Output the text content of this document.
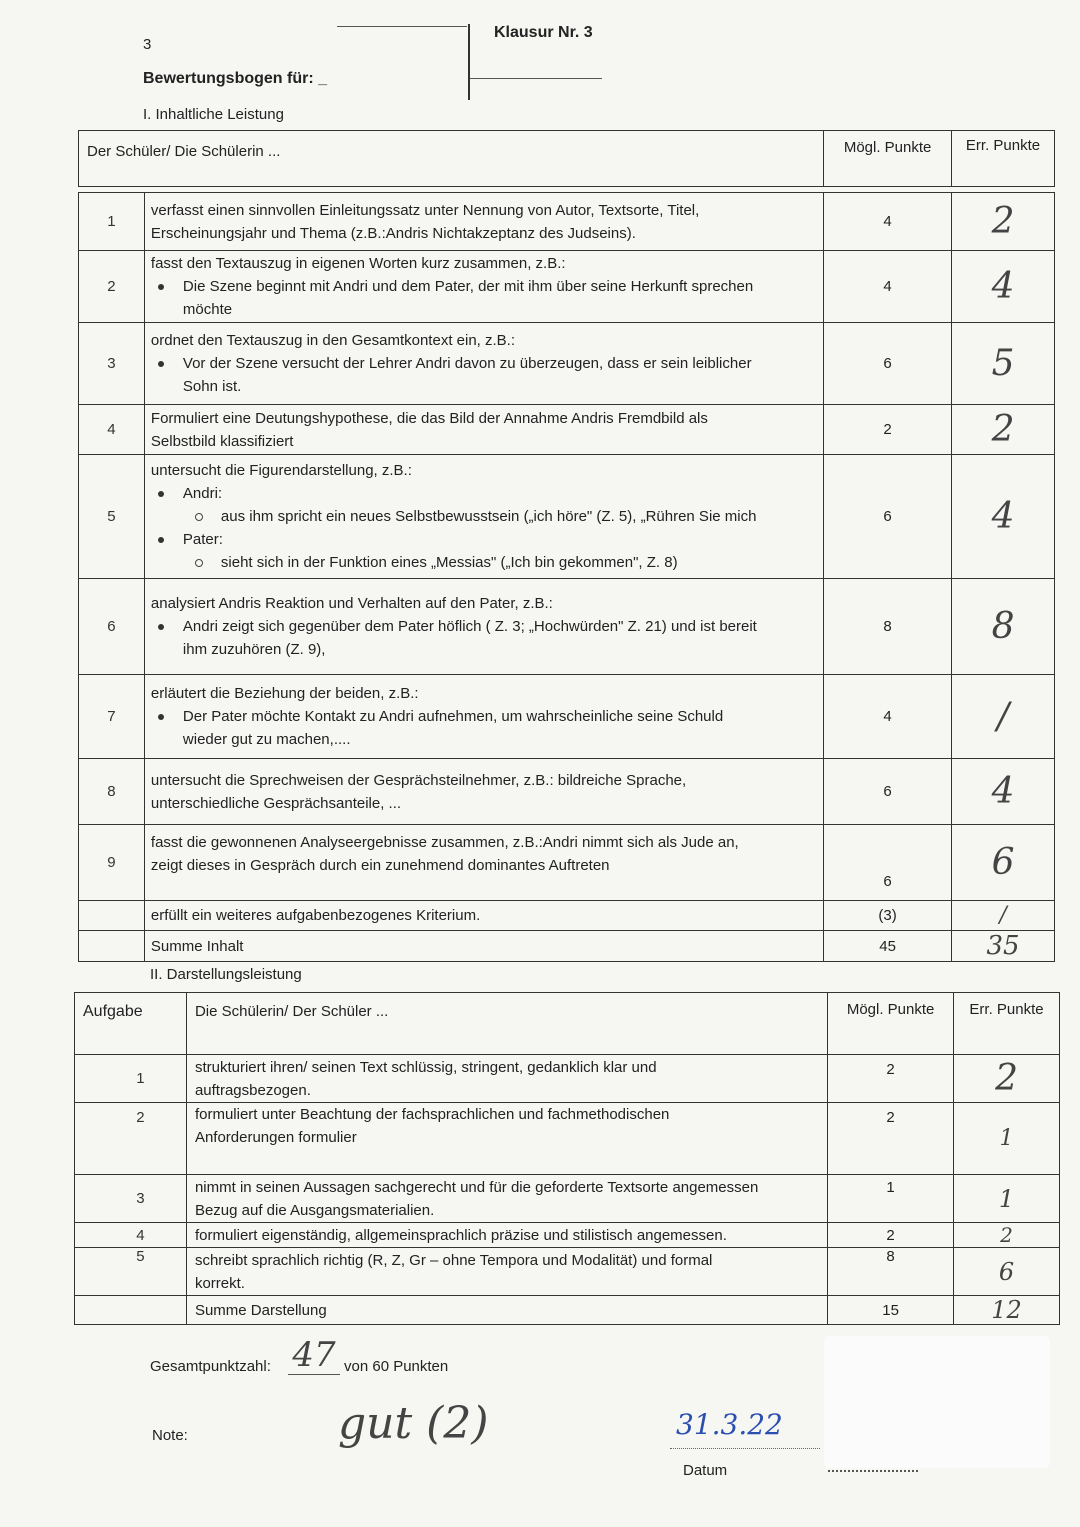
3
Bewertungsbogen für: _
Klausur Nr. 3
I. Inhaltliche Leistung
Der Schüler/ Die Schülerin ...		Mögl. Punkte	Err. Punkte

1	verfasst einen sinnvollen Einleitungssatz unter Nennung von Autor, Textsorte, Titel,
Erscheinungsjahr und Thema (z.B.:Andris Nichtakzeptanz des Judseins).	4	2
2	fasst den Textauszug in eigenen Worten kurz zusammen, z.B.:
Die Szene beginnt mit Andri und dem Pater, der mit ihm über seine Herkunft sprechen
möchte	4	4
3	ordnet den Textauszug in den Gesamtkontext ein, z.B.:
Vor der Szene versucht der Lehrer Andri davon zu überzeugen, dass er sein leiblicher
Sohn ist.	6	5
4	Formuliert eine Deutungshypothese, die das Bild der Annahme Andris Fremdbild als
Selbstbild klassifiziert	2	2
5	untersucht die Figurendarstellung, z.B.:
Andri:
aus ihm spricht ein neues Selbstbewusstsein („ich höre" (Z. 5), „Rühren Sie mich
Pater:
sieht sich in der Funktion eines „Messias" („Ich bin gekommen", Z. 8)	6	4
6	analysiert Andris Reaktion und Verhalten auf den Pater, z.B.:
Andri zeigt sich gegenüber dem Pater höflich ( Z. 3; „Hochwürden" Z. 21) und ist bereit
ihm zuzuhören (Z. 9),	8	8
7	erläutert die Beziehung der beiden, z.B.:
Der Pater möchte Kontakt zu Andri aufnehmen, um wahrscheinliche seine Schuld
wieder gut zu machen,....	4	/
8	untersucht die Sprechweisen der Gesprächsteilnehmer, z.B.: bildreiche Sprache,
unterschiedliche Gesprächsanteile, ...	6	4
9	fasst die gewonnenen Analyseergebnisse zusammen, z.B.:Andri nimmt sich als Jude an,
zeigt dieses in Gespräch durch ein zunehmend dominantes Auftreten	6	6
	erfüllt ein weiteres aufgabenbezogenes Kriterium.	(3)	/
	Summe Inhalt	45	35
II. Darstellungsleistung
Aufgabe	Die Schülerin/ Der Schüler ...	Mögl. Punkte	Err. Punkte
1	strukturiert ihren/ seinen Text schlüssig, stringent, gedanklich klar und
auftragsbezogen.	2	2
2	formuliert unter Beachtung der fachsprachlichen und fachmethodischen
Anforderungen formulier	2	1
3	nimmt in seinen Aussagen sachgerecht und für die geforderte Textsorte angemessen
Bezug auf die Ausgangsmaterialien.	1	1
4	formuliert eigenständig, allgemeinsprachlich präzise und stilistisch angemessen.	2	2
5	schreibt sprachlich richtig (R, Z, Gr – ohne Tempora und Modalität) und formal
korrekt.	8	6
	Summe Darstellung	15	12
Gesamtpunktzahl: 47 von 60 Punkten
Note:	gut (2)	31.3.22
Datum
